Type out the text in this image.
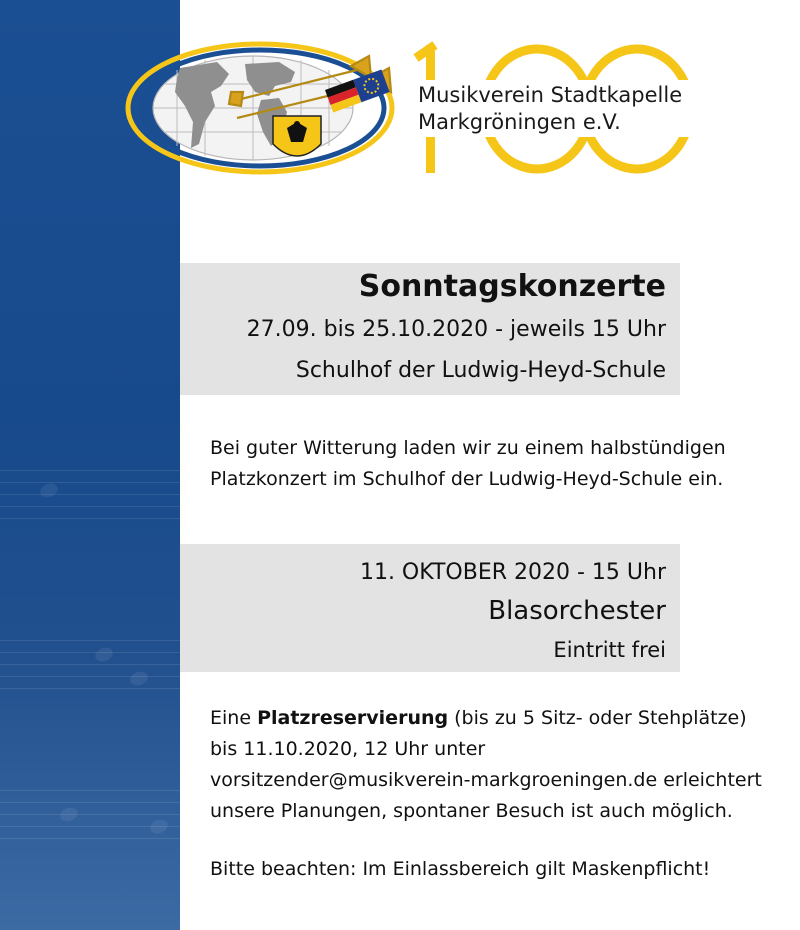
Musikverein Stadtkapelle
Markgröningen e.V.
Sonntagskonzerte
27.09. bis 25.10.2020 - jeweils 15 Uhr
Schulhof der Ludwig-Heyd-Schule
Bei guter Witterung laden wir zu einem halbstündigen
Platzkonzert im Schulhof der Ludwig-Heyd-Schule ein.
11. OKTOBER 2020 - 15 Uhr
Blasorchester
Eintritt frei
Eine Platzreservierung (bis zu 5 Sitz- oder Stehplätze)
bis 11.10.2020, 12 Uhr unter
vorsitzender@musikverein-markgroeningen.de erleichtert
unsere Planungen, spontaner Besuch ist auch möglich.
Bitte beachten: Im Einlassbereich gilt Maskenpflicht!
